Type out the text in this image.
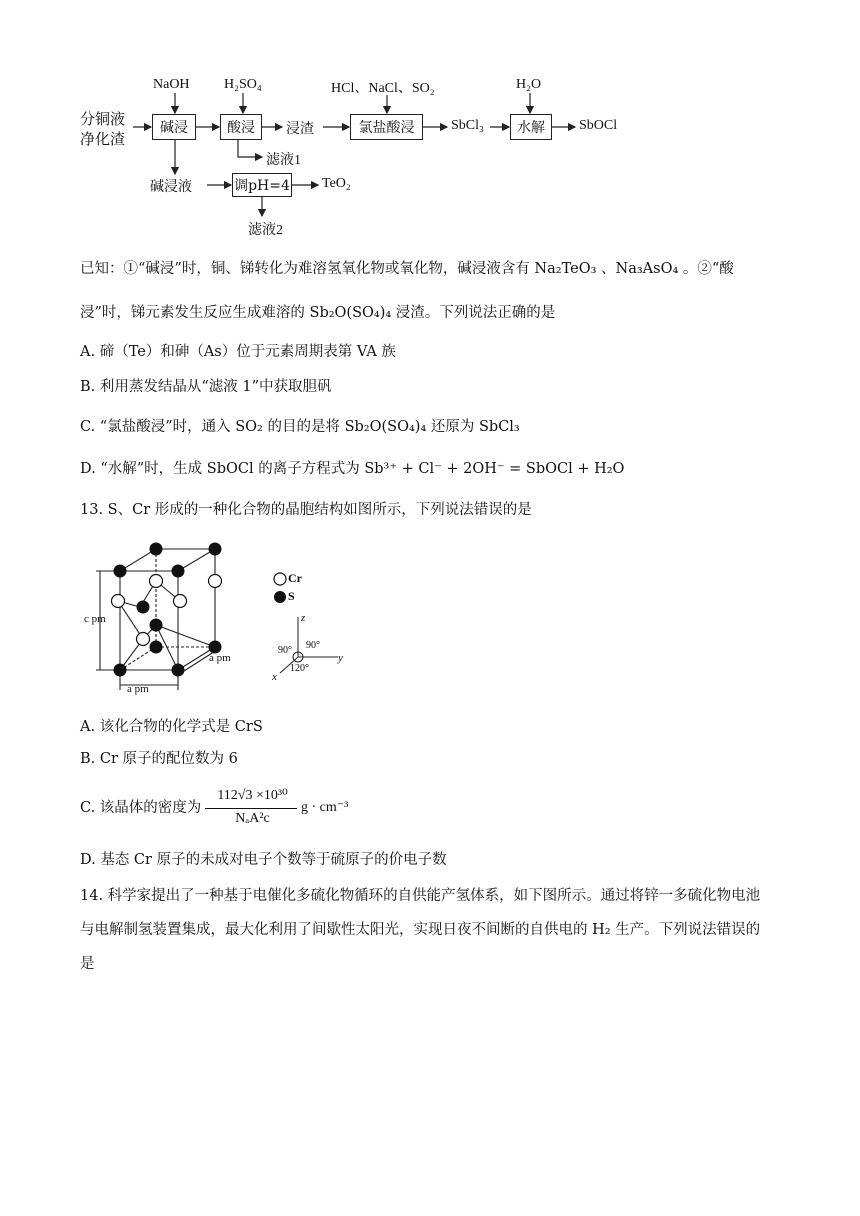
分铜液
净化渣
NaOH H₂SO₄	HCl、NaCl、SO₂	H₂O
碱浸	酸浸	浸渣	氯盐酸浸	SbCl₃	水解	SbOCl
滤液1
碱浸液	调pH=4 TeO₂
滤液2
已知：①“碱浸”时，铜、锑转化为难溶氢氧化物或氧化物，碱浸液含有 Na₂TeO₃ 、Na₃AsO₄ 。②“酸
浸”时，锑元素发生反应生成难溶的 Sb₂O(SO₄)₄ 浸渣。下列说法正确的是
A. 碲（Te）和砷（As）位于元素周期表第 VA 族
B. 利用蒸发结晶从“滤液 1”中获取胆矾
C. “氯盐酸浸”时，通入 SO₂ 的目的是将 Sb₂O(SO₄)₄ 还原为 SbCl₃
D. “水解”时，生成 SbOCl 的离子方程式为 Sb³⁺ + Cl⁻ + 2OH⁻ = SbOCl + H₂O
13. S、Cr 形成的一种化合物的晶胞结构如图所示，下列说法错误的是
Cr
S
c pm
a pm
a pm
z
y
x
90° 90°
120°
A. 该化合物的化学式是 CrS
B. Cr 原子的配位数为 6
C. 该晶体的密度为
112√3 ×10³⁰
NₐA²c
g · cm⁻³
D. 基态 Cr 原子的未成对电子个数等于硫原子的价电子数
14. 科学家提出了一种基于电催化多硫化物循环的自供能产氢体系，如下图所示。通过将锌一多硫化物电池
与电解制氢装置集成，最大化利用了间歇性太阳光，实现日夜不间断的自供电的 H₂ 生产。下列说法错误的
是
